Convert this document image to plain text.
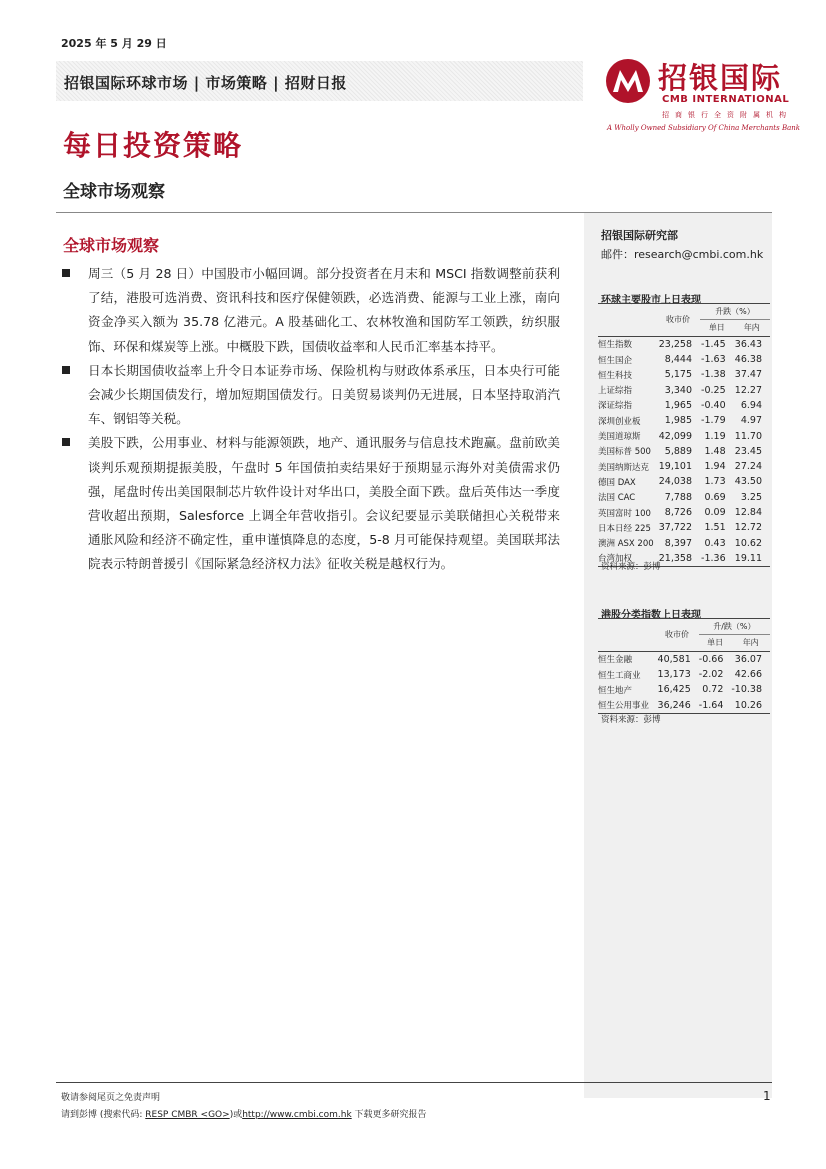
2025 年 5 月 29 日
招银国际环球市场 | 市场策略 | 招财日报	招银国际
CMB INTERNATIONAL
招商银行全资附属机构
A Wholly Owned Subsidiary Of China Merchants Bank
每日投资策略
全球市场观察
全球市场观察

周三（5 月 28 日）中国股市小幅回调。部分投资者在月末和 MSCI 指数调整前获利了结，港股可选消费、资讯科技和医疗保健领跌，必选消费、能源与工业上涨，南向资金净买入额为 35.78 亿港元。A 股基础化工、农林牧渔和国防军工领跌，纺织服饰、环保和煤炭等上涨。中概股下跌，国债收益率和人民币汇率基本持平。

日本长期国债收益率上升令日本证券市场、保险机构与财政体系承压，日本央行可能会减少长期国债发行，增加短期国债发行。日美贸易谈判仍无进展，日本坚持取消汽车、钢铝等关税。

美股下跌，公用事业、材料与能源领跌，地产、通讯服务与信息技术跑赢。盘前欧美谈判乐观预期提振美股，午盘时 5 年国债拍卖结果好于预期显示海外对美债需求仍强，尾盘时传出美国限制芯片软件设计对华出口，美股全面下跌。盘后英伟达一季度营收超出预期，Salesforce 上调全年营收指引。会议纪要显示美联储担心关税带来通胀风险和经济不确定性，重申谨慎降息的态度，5-8 月可能保持观望。美国联邦法院表示特朗普援引《国际紧急经济权力法》征收关税是越权行为。

招银国际研究部
邮件：research@cmbi.com.hk
环球主要股市上日表现
	收市价	升跌（%）	
		单日	年内
恒生指数	23,258	-1.45	36.43
恒生国企	8,444	-1.63	46.38
恒生科技	5,175	-1.38	37.47
上证综指	3,340	-0.25	12.27
深证综指	1,965	-0.40	6.94
深圳创业板	1,985	-1.79	4.97
美国道琼斯	42,099	1.19	11.70
美国标普 500	5,889	1.48	23.45
美国纳斯达克	19,101	1.94	27.24
德国 DAX	24,038	1.73	43.50
法国 CAC	7,788	0.69	3.25
英国富时 100	8,726	0.09	12.84
日本日经 225	37,722	1.51	12.72
澳洲 ASX 200	8,397	0.43	10.62
台湾加权	21,358	-1.36	19.11
资料来源：彭博
港股分类指数上日表现
	收市价	升/跌（%）	
		单日	年内
恒生金融	40,581	-0.66	36.07
恒生工商业	13,173	-2.02	42.66
恒生地产	16,425	0.72	-10.38
恒生公用事业	36,246	-1.64	10.26
资料来源：彭博
敬请参阅尾页之免责声明
请到彭博 (搜索代码: RESP CMBR <GO>)或http://www.cmbi.com.hk 下载更多研究报告
1
